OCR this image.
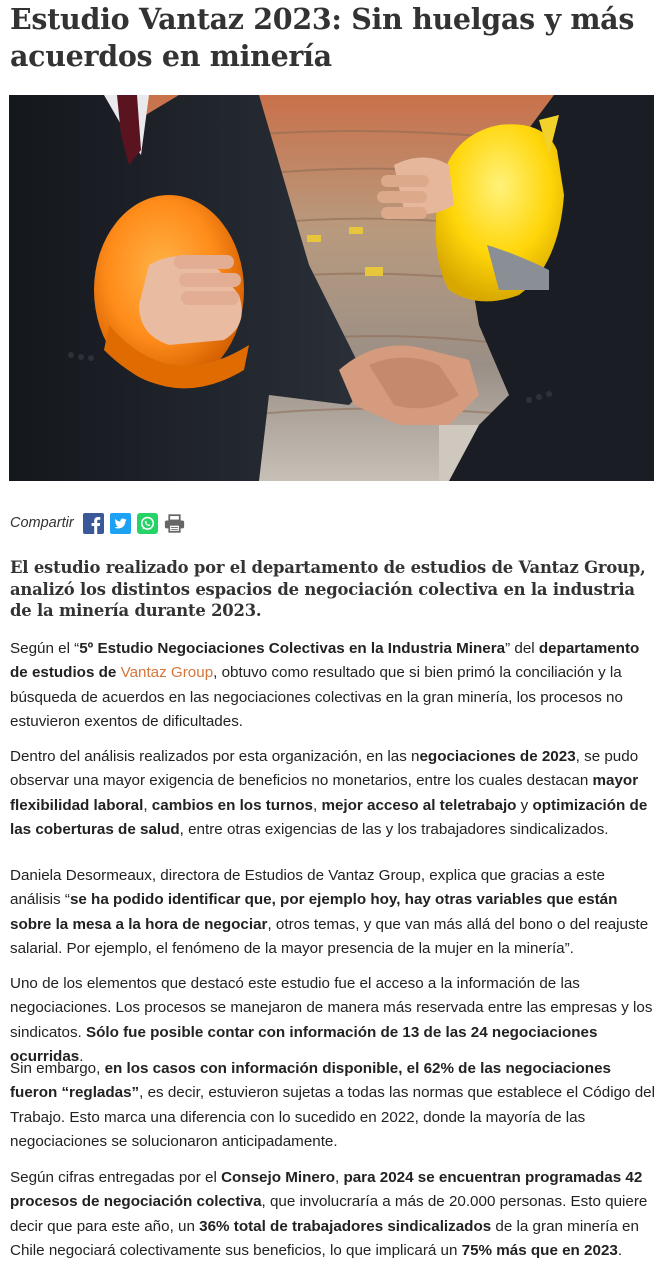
Estudio Vantaz 2023: Sin huelgas y más acuerdos en minería
Compartir

El estudio realizado por el departamento de estudios de Vantaz Group, analizó los distintos espacios de negociación colectiva en la industria de la minería durante 2023.

Según el “5º Estudio Negociaciones Colectivas en la Industria Minera” del departamento de estudios de Vantaz Group, obtuvo como resultado que si bien primó la conciliación y la búsqueda de acuerdos en las negociaciones colectivas en la gran minería, los procesos no estuvieron exentos de dificultades.

Dentro del análisis realizados por esta organización, en las negociaciones de 2023, se pudo observar una mayor exigencia de beneficios no monetarios, entre los cuales destacan mayor flexibilidad laboral, cambios en los turnos, mejor acceso al teletrabajo y optimización de las coberturas de salud, entre otras exigencias de las y los trabajadores sindicalizados.

Daniela Desormeaux, directora de Estudios de Vantaz Group, explica que gracias a este análisis “se ha podido identificar que, por ejemplo hoy, hay otras variables que están sobre la mesa a la hora de negociar, otros temas, y que van más allá del bono o del reajuste salarial. Por ejemplo, el fenómeno de la mayor presencia de la mujer en la minería”.

Uno de los elementos que destacó este estudio fue el acceso a la información de las negociaciones. Los procesos se manejaron de manera más reservada entre las empresas y los sindicatos. Sólo fue posible contar con información de 13 de las 24 negociaciones ocurridas.

Sin embargo, en los casos con información disponible, el 62% de las negociaciones fueron “regladas”, es decir, estuvieron sujetas a todas las normas que establece el Código del Trabajo. Esto marca una diferencia con lo sucedido en 2022, donde la mayoría de las negociaciones se solucionaron anticipadamente.

Según cifras entregadas por el Consejo Minero, para 2024 se encuentran programadas 42 procesos de negociación colectiva, que involucraría a más de 20.000 personas. Esto quiere decir que para este año, un 36% total de trabajadores sindicalizados de la gran minería en Chile negociará colectivamente sus beneficios, lo que implicará un 75% más que en 2023.
